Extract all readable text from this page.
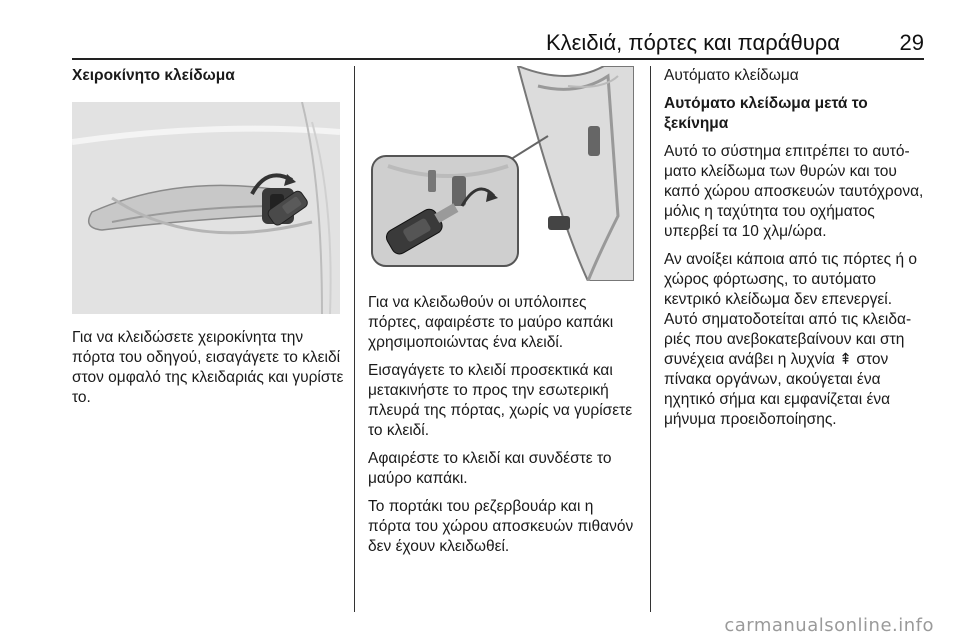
Κλειδιά, πόρτες και παράθυρα	29

Χειροκίνητο κλείδωμα

Για να κλειδώσετε χειροκίνητα την πόρτα του οδηγού, εισαγάγετε το κλειδί στον ομφαλό της κλειδαριάς και γυρίστε το.

Για να κλειδωθούν οι υπόλοιπες πόρτες, αφαιρέστε το μαύρο καπάκι χρησιμοποιώντας ένα κλειδί.

Εισαγάγετε το κλειδί προσεκτικά και μετακινήστε το προς την εσωτερική πλευρά της πόρτας, χωρίς να γυρίσετε το κλειδί.

Αφαιρέστε το κλειδί και συνδέστε το μαύρο καπάκι.

Το πορτάκι του ρεζερβουάρ και η πόρτα του χώρου αποσκευών πιθανόν δεν έχουν κλειδωθεί.

Αυτόματο κλείδωμα

Αυτόματο κλείδωμα μετά το ξεκίνημα

Αυτό το σύστημα επιτρέπει το αυτόματο κλείδωμα των θυρών και του καπό χώρου αποσκευών ταυτόχρονα, μόλις η ταχύτητα του οχήματος υπερβεί τα 10 χλμ/ώρα.

Αν ανοίξει κάποια από τις πόρτες ή ο χώρος φόρτωσης, το αυτόματο κεντρικό κλείδωμα δεν επενεργεί. Αυτό σηματοδοτείται από τις κλειδαριές που ανεβοκατεβαίνουν και στη συνέχεια ανάβει η λυχνία ⇞ στον πίνακα οργάνων, ακούγεται ένα ηχητικό σήμα και εμφανίζεται ένα μήνυμα προειδοποίησης.

carmanualsonline.info
